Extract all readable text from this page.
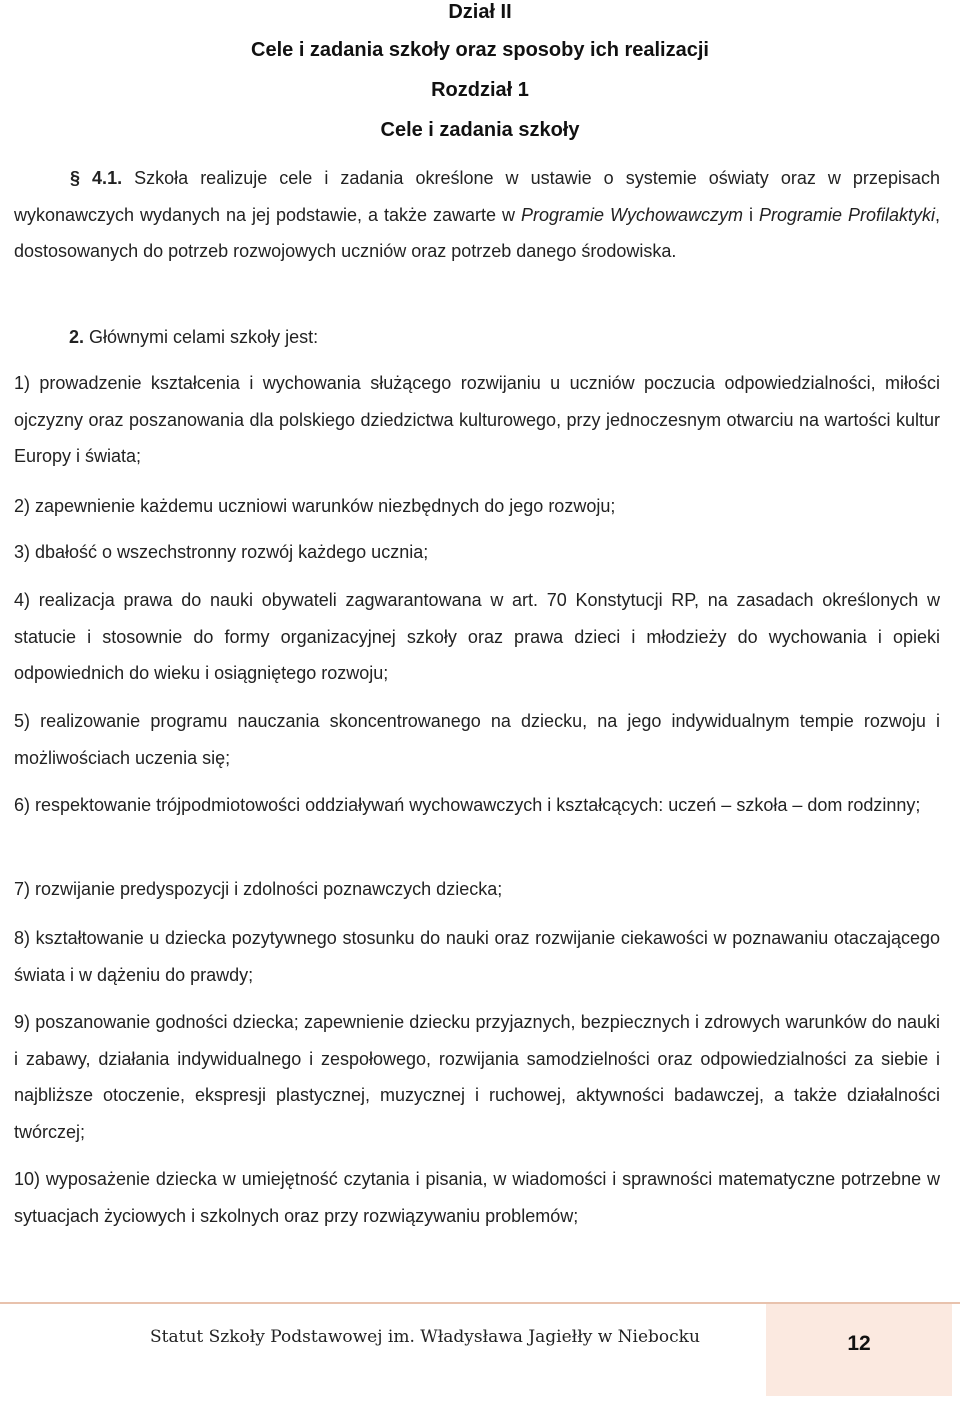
Dział II
Cele i zadania szkoły oraz sposoby ich realizacji
Rozdział 1
Cele i zadania szkoły
§ 4.1. Szkoła realizuje cele i zadania określone w ustawie o systemie oświaty oraz w przepisach wykonawczych wydanych na jej podstawie, a także zawarte w Programie Wychowawczym i Programie Profilaktyki, dostosowanych do potrzeb rozwojowych uczniów oraz potrzeb danego środowiska.
2. Głównymi celami szkoły jest:
1) prowadzenie kształcenia i wychowania służącego rozwijaniu u uczniów poczucia odpowiedzialności, miłości ojczyzny oraz poszanowania dla polskiego dziedzictwa kulturowego, przy jednoczesnym otwarciu na wartości kultur Europy i świata;
2) zapewnienie każdemu uczniowi warunków niezbędnych do jego rozwoju;
3) dbałość o wszechstronny rozwój każdego ucznia;
4) realizacja prawa do nauki obywateli zagwarantowana w art. 70 Konstytucji RP, na zasadach określonych w statucie i stosownie do formy organizacyjnej szkoły oraz prawa dzieci i młodzieży do wychowania i opieki odpowiednich do wieku i osiągniętego rozwoju;
5) realizowanie programu nauczania skoncentrowanego na dziecku, na jego indywidualnym tempie rozwoju i możliwościach uczenia się;
6) respektowanie trójpodmiotowości oddziaływań wychowawczych i kształcących: uczeń – szkoła – dom rodzinny;
7) rozwijanie predyspozycji i zdolności poznawczych dziecka;
8) kształtowanie u dziecka pozytywnego stosunku do nauki oraz rozwijanie ciekawości w poznawaniu otaczającego świata i w dążeniu do prawdy;
9) poszanowanie godności dziecka; zapewnienie dziecku przyjaznych, bezpiecznych i zdrowych warunków do nauki i zabawy, działania indywidualnego i zespołowego, rozwijania samodzielności oraz odpowiedzialności za siebie i najbliższe otoczenie, ekspresji plastycznej, muzycznej i ruchowej, aktywności badawczej, a także działalności twórczej;
10) wyposażenie dziecka w umiejętność czytania i pisania, w wiadomości i sprawności matematyczne potrzebne w sytuacjach życiowych i szkolnych oraz przy rozwiązywaniu problemów;
Statut Szkoły Podstawowej im. Władysława Jagiełły w Niebocku	12
